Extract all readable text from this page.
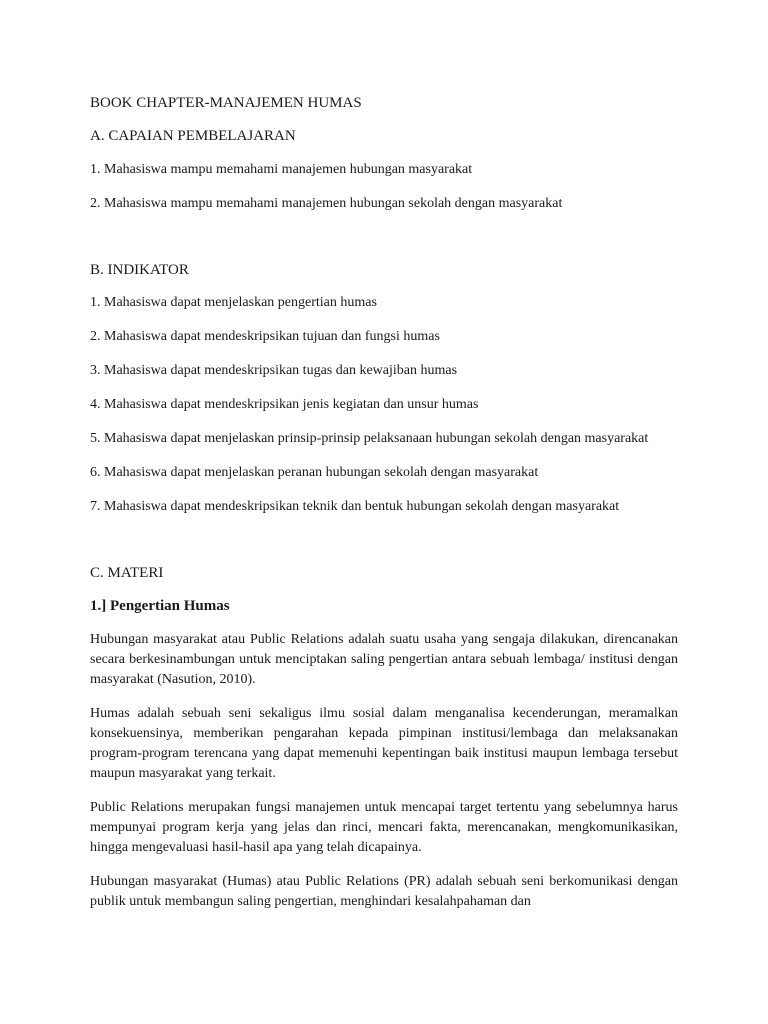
BOOK CHAPTER-MANAJEMEN HUMAS

A. CAPAIAN PEMBELAJARAN

1. Mahasiswa mampu memahami manajemen hubungan masyarakat

2. Mahasiswa mampu memahami manajemen hubungan sekolah dengan masyarakat

B. INDIKATOR

1. Mahasiswa dapat menjelaskan pengertian humas

2. Mahasiswa dapat mendeskripsikan tujuan dan fungsi humas

3. Mahasiswa dapat mendeskripsikan tugas dan kewajiban humas

4. Mahasiswa dapat mendeskripsikan jenis kegiatan dan unsur humas

5. Mahasiswa dapat menjelaskan prinsip-prinsip pelaksanaan hubungan sekolah dengan masyarakat

6. Mahasiswa dapat menjelaskan peranan hubungan sekolah dengan masyarakat

7. Mahasiswa dapat mendeskripsikan teknik dan bentuk hubungan sekolah dengan masyarakat

C. MATERI

1.] Pengertian Humas

Hubungan masyarakat atau Public Relations adalah suatu usaha yang sengaja dilakukan, direncanakan secara berkesinambungan untuk menciptakan saling pengertian antara sebuah lembaga/ institusi dengan masyarakat (Nasution, 2010).

Humas adalah sebuah seni sekaligus ilmu sosial dalam menganalisa kecenderungan, meramalkan konsekuensinya, memberikan pengarahan kepada pimpinan institusi/lembaga dan melaksanakan program-program terencana yang dapat memenuhi kepentingan baik institusi maupun lembaga tersebut maupun masyarakat yang terkait.

Public Relations merupakan fungsi manajemen untuk mencapai target tertentu yang sebelumnya harus mempunyai program kerja yang jelas dan rinci, mencari fakta, merencanakan, mengkomunikasikan, hingga mengevaluasi hasil-hasil apa yang telah dicapainya.

Hubungan masyarakat (Humas) atau Public Relations (PR) adalah sebuah seni berkomunikasi dengan publik untuk membangun saling pengertian, menghindari kesalahpahaman dan
